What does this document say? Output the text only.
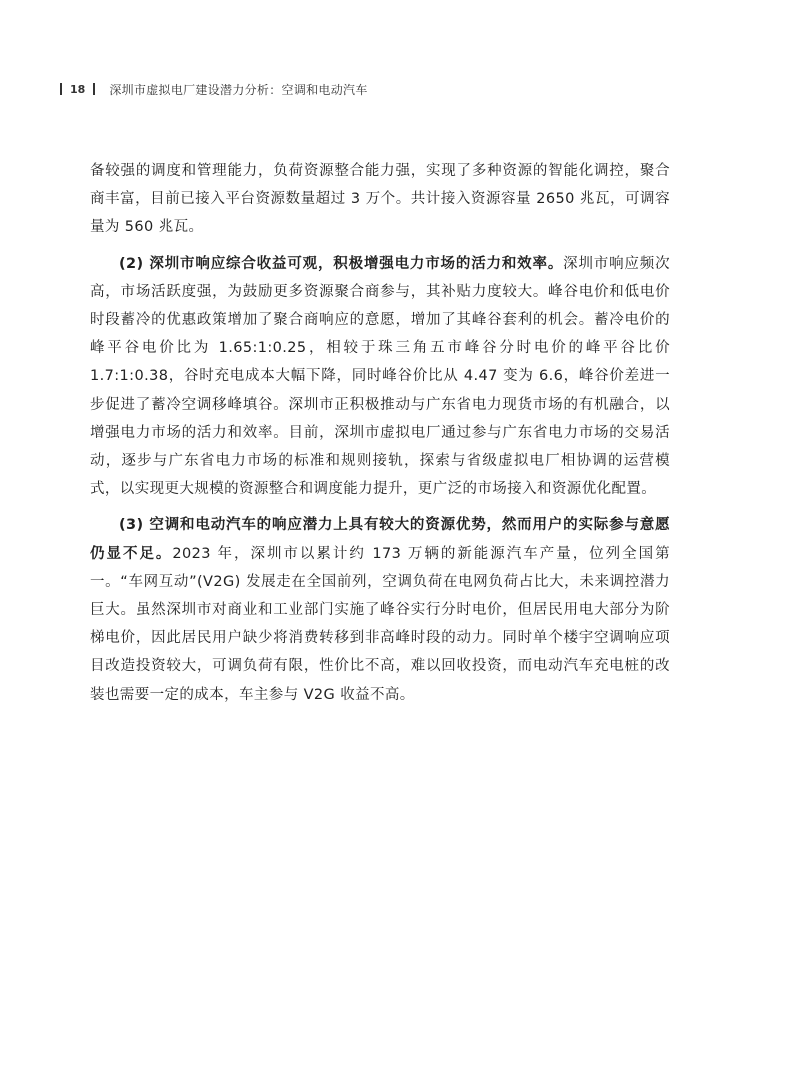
18 深圳市虚拟电厂建设潜力分析：空调和电动汽车

备较强的调度和管理能力，负荷资源整合能力强，实现了多种资源的智能化调控，聚合商丰富，目前已接入平台资源数量超过 3 万个。共计接入资源容量 2650 兆瓦，可调容量为 560 兆瓦。

(2) 深圳市响应综合收益可观，积极增强电力市场的活力和效率。深圳市响应频次高，市场活跃度强，为鼓励更多资源聚合商参与，其补贴力度较大。峰谷电价和低电价时段蓄冷的优惠政策增加了聚合商响应的意愿，增加了其峰谷套利的机会。蓄冷电价的峰平谷电价比为 1.65:1:0.25，相较于珠三角五市峰谷分时电价的峰平谷比价 1.7:1:0.38，谷时充电成本大幅下降，同时峰谷价比从 4.47 变为 6.6，峰谷价差进一步促进了蓄冷空调移峰填谷。深圳市正积极推动与广东省电力现货市场的有机融合，以增强电力市场的活力和效率。目前，深圳市虚拟电厂通过参与广东省电力市场的交易活动，逐步与广东省电力市场的标准和规则接轨，探索与省级虚拟电厂相协调的运营模式，以实现更大规模的资源整合和调度能力提升，更广泛的市场接入和资源优化配置。

(3) 空调和电动汽车的响应潜力上具有较大的资源优势，然而用户的实际参与意愿仍显不足。2023 年，深圳市以累计约 173 万辆的新能源汽车产量，位列全国第一。“车网互动”(V2G) 发展走在全国前列，空调负荷在电网负荷占比大，未来调控潜力巨大。虽然深圳市对商业和工业部门实施了峰谷实行分时电价，但居民用电大部分为阶梯电价，因此居民用户缺少将消费转移到非高峰时段的动力。同时单个楼宇空调响应项目改造投资较大，可调负荷有限，性价比不高，难以回收投资，而电动汽车充电桩的改装也需要一定的成本，车主参与 V2G 收益不高。
